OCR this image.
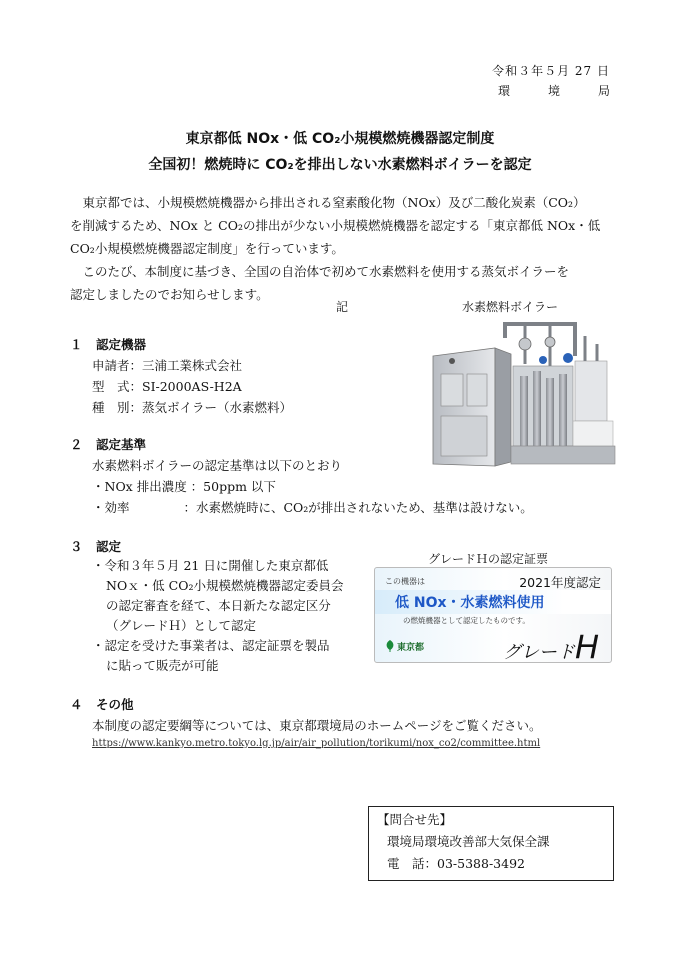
令和３年５月 27 日
環境局
東京都低 NOx・低 CO₂小規模燃焼機器認定制度
全国初！燃焼時に CO₂を排出しない水素燃料ボイラーを認定
東京都では、小規模燃焼機器から排出される窒素酸化物（NOx）及び二酸化炭素（CO₂）
を削減するため、NOx と CO₂の排出が少ない小規模燃焼機器を認定する「東京都低 NOx・低
CO₂小規模燃焼機器認定制度」を行っています。
このたび、本制度に基づき、全国の自治体で初めて水素燃料を使用する蒸気ボイラーを
認定しましたのでお知らせします。
記	水素燃料ボイラー
１ 認定機器
申請者：三浦工業株式会社
型　式：SI-2000AS-H2A
種　別：蒸気ボイラー（水素燃料）
２ 認定基準
水素燃料ボイラーの認定基準は以下のとおり
・NOx 排出濃度 ：50ppm 以下
・効率　　　　 ：水素燃焼時に、CO₂が排出されないため、基準は設けない。
３ 認定
・令和３年５月 21 日に開催した東京都低
NOｘ・低 CO₂小規模燃焼機器認定委員会
の認定審査を経て、本日新たな認定区分
（グレードＨ）として認定
・認定を受けた事業者は、認定証票を製品
に貼って販売が可能
グレードＨの認定証票
この機器は	2021年度認定
低 NOx・水素燃料使用
の燃焼機器として認定したものです。
東京都	グレードH
４ その他
本制度の認定要綱等については、東京都環境局のホームページをご覧ください。
https://www.kankyo.metro.tokyo.lg.jp/air/air_pollution/torikumi/nox_co2/committee.html
【問合せ先】
環境局環境改善部大気保全課
電　話：03-5388-3492
